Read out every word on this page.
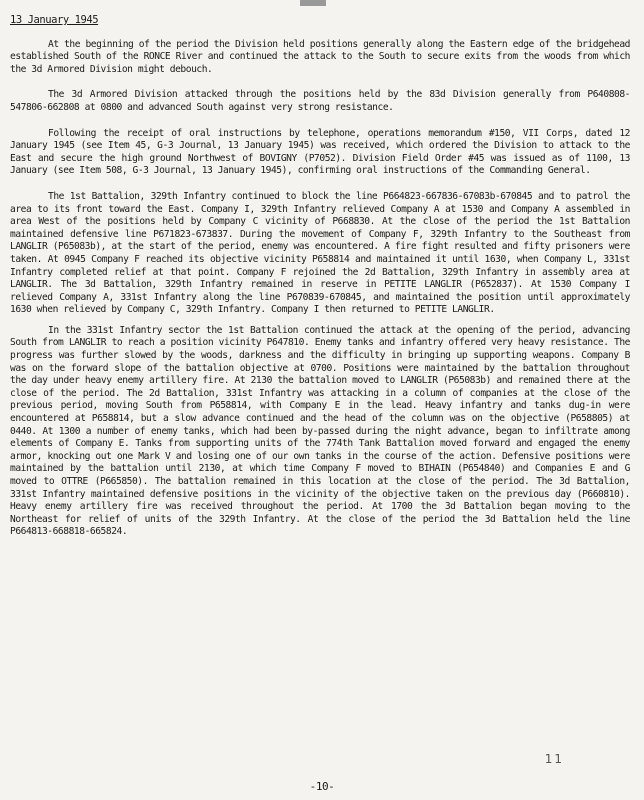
13 January 1945

At the beginning of the period the Division held positions generally along the Eastern edge of the bridgehead established South of the RONCE River and continued the attack to the South to secure exits from the woods from which the 3d Armored Division might debouch.

The 3d Armored Division attacked through the positions held by the 83d Division generally from P640808-547806-662808 at 0800 and advanced South against very strong resistance.

Following the receipt of oral instructions by telephone, operations memorandum #150, VII Corps, dated 12 January 1945 (see Item 45, G-3 Journal, 13 January 1945) was received, which ordered the Division to attack to the East and secure the high ground Northwest of BOVIGNY (P7052). Division Field Order #45 was issued as of 1100, 13 January (see Item 508, G-3 Journal, 13 January 1945), confirming oral instructions of the Commanding General.

The 1st Battalion, 329th Infantry continued to block the line P664823-667836-67083b-670845 and to patrol the area to its front toward the East. Company I, 329th Infantry relieved Company A at 1530 and Company A assembled in area West of the positions held by Company C vicinity of P668830. At the close of the period the 1st Battalion maintained defensive line P671823-673837. During the movement of Company F, 329th Infantry to the Southeast from LANGLIR (P65083b), at the start of the period, enemy was encountered. A fire fight resulted and fifty prisoners were taken. At 0945 Company F reached its objective vicinity P658814 and maintained it until 1630, when Company L, 331st Infantry completed relief at that point. Company F rejoined the 2d Battalion, 329th Infantry in assembly area at LANGLIR. The 3d Battalion, 329th Infantry remained in reserve in PETITE LANGLIR (P652837). At 1530 Company I relieved Company A, 331st Infantry along the line P670839-670845, and maintained the position until approximately 1630 when relieved by Company C, 329th Infantry. Company I then returned to PETITE LANGLIR.

In the 331st Infantry sector the 1st Battalion continued the attack at the opening of the period, advancing South from LANGLIR to reach a position vicinity P647810. Enemy tanks and infantry offered very heavy resistance. The progress was further slowed by the woods, darkness and the difficulty in bringing up supporting weapons. Company B was on the forward slope of the battalion objective at 0700. Positions were maintained by the battalion throughout the day under heavy enemy artillery fire. At 2130 the battalion moved to LANGLIR (P65083b) and remained there at the close of the period. The 2d Battalion, 331st Infantry was attacking in a column of companies at the close of the previous period, moving South from P658814, with Company E in the lead. Heavy infantry and tanks dug-in were encountered at P658814, but a slow advance continued and the head of the column was on the objective (P658805) at 0440. At 1300 a number of enemy tanks, which had been by-passed during the night advance, began to infiltrate among elements of Company E. Tanks from supporting units of the 774th Tank Battalion moved forward and engaged the enemy armor, knocking out one Mark V and losing one of our own tanks in the course of the action. Defensive positions were maintained by the battalion until 2130, at which time Company F moved to BIHAIN (P654840) and Companies E and G moved to OTTRE (P665850). The battalion remained in this location at the close of the period. The 3d Battalion, 331st Infantry maintained defensive positions in the vicinity of the objective taken on the previous day (P660810). Heavy enemy artillery fire was received throughout the period. At 1700 the 3d Battalion began moving to the Northeast for relief of units of the 329th Infantry. At the close of the period the 3d Battalion held the line P664813-668818-665824.

11
-10-
